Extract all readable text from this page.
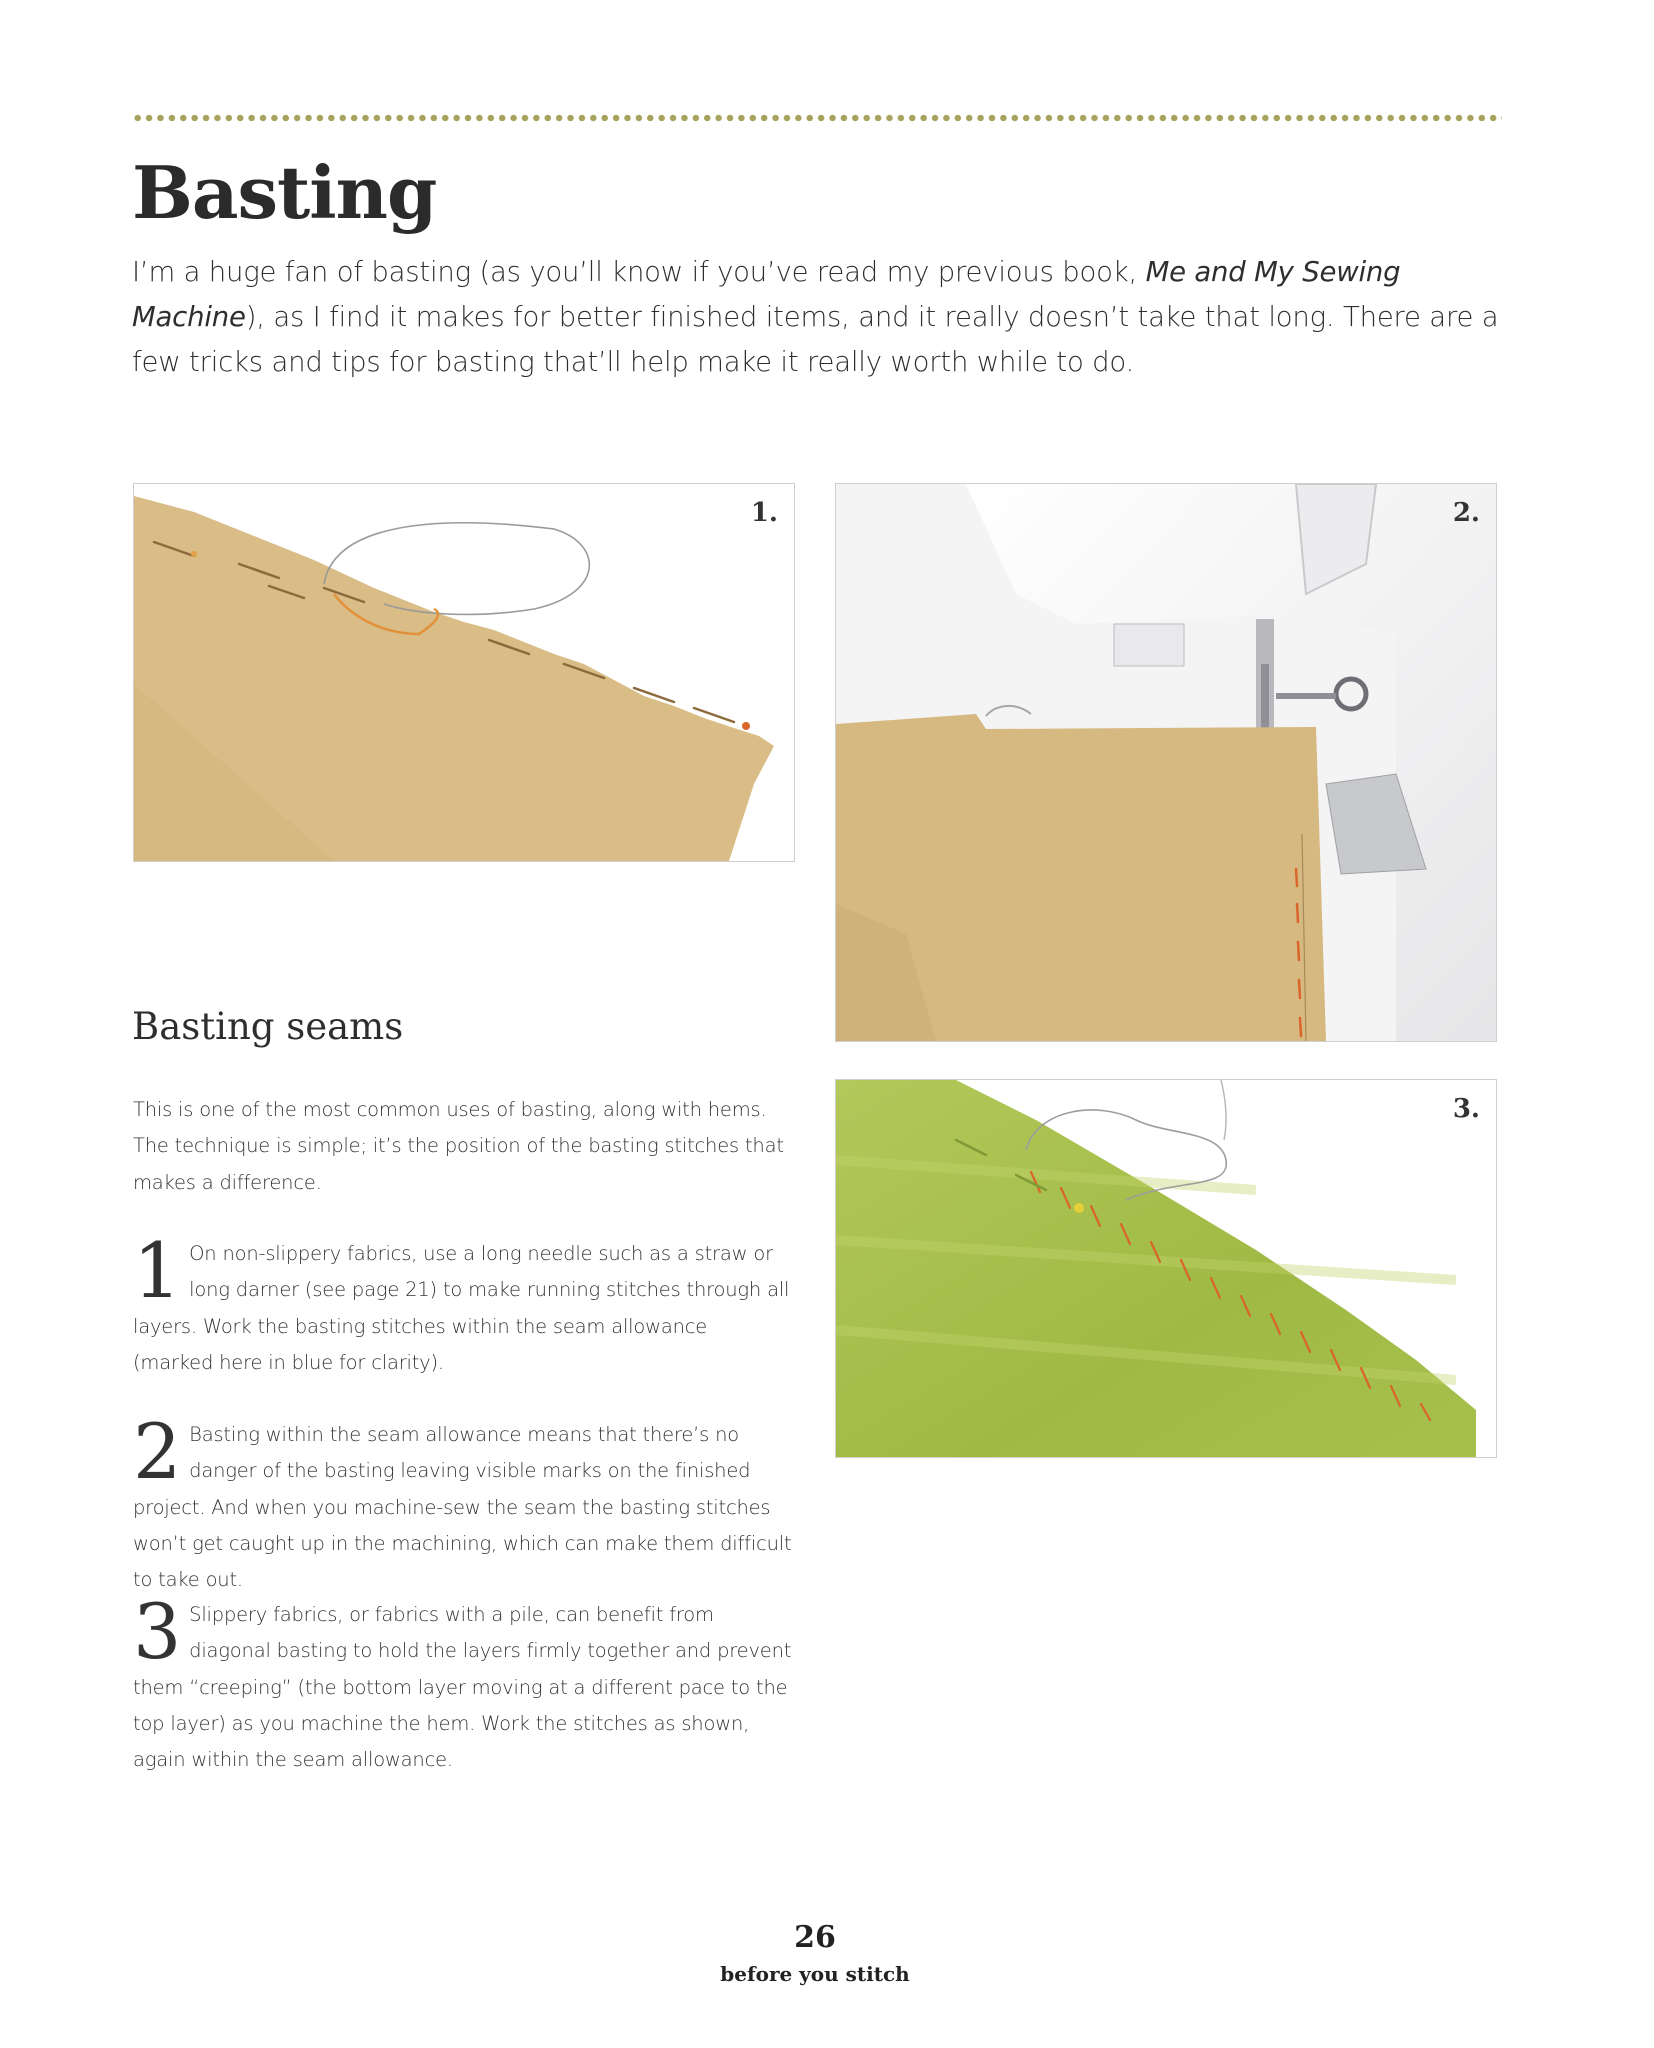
Basting

I’m a huge fan of basting (as you’ll know if you’ve read my previous book, Me and My Sewing Machine), as I find it makes for better finished items, and it really doesn’t take that long. There are a few tricks and tips for basting that’ll help make it really worth while to do.

1.	2.
3.
Basting seams

This is one of the most common uses of basting, along with hems. The technique is simple; it’s the position of the basting stitches that makes a difference.

1 On non-slippery fabrics, use a long needle such as a straw or long darner (see page 21) to make running stitches through all layers. Work the basting stitches within the seam allowance (marked here in blue for clarity).

2 Basting within the seam allowance means that there’s no danger of the basting leaving visible marks on the finished project. And when you machine-sew the seam the basting stitches won’t get caught up in the machining, which can make them difficult to take out.

3 Slippery fabrics, or fabrics with a pile, can benefit from diagonal basting to hold the layers firmly together and prevent them “creeping” (the bottom layer moving at a different pace to the top layer) as you machine the hem. Work the stitches as shown, again within the seam allowance.

26
before you stitch
